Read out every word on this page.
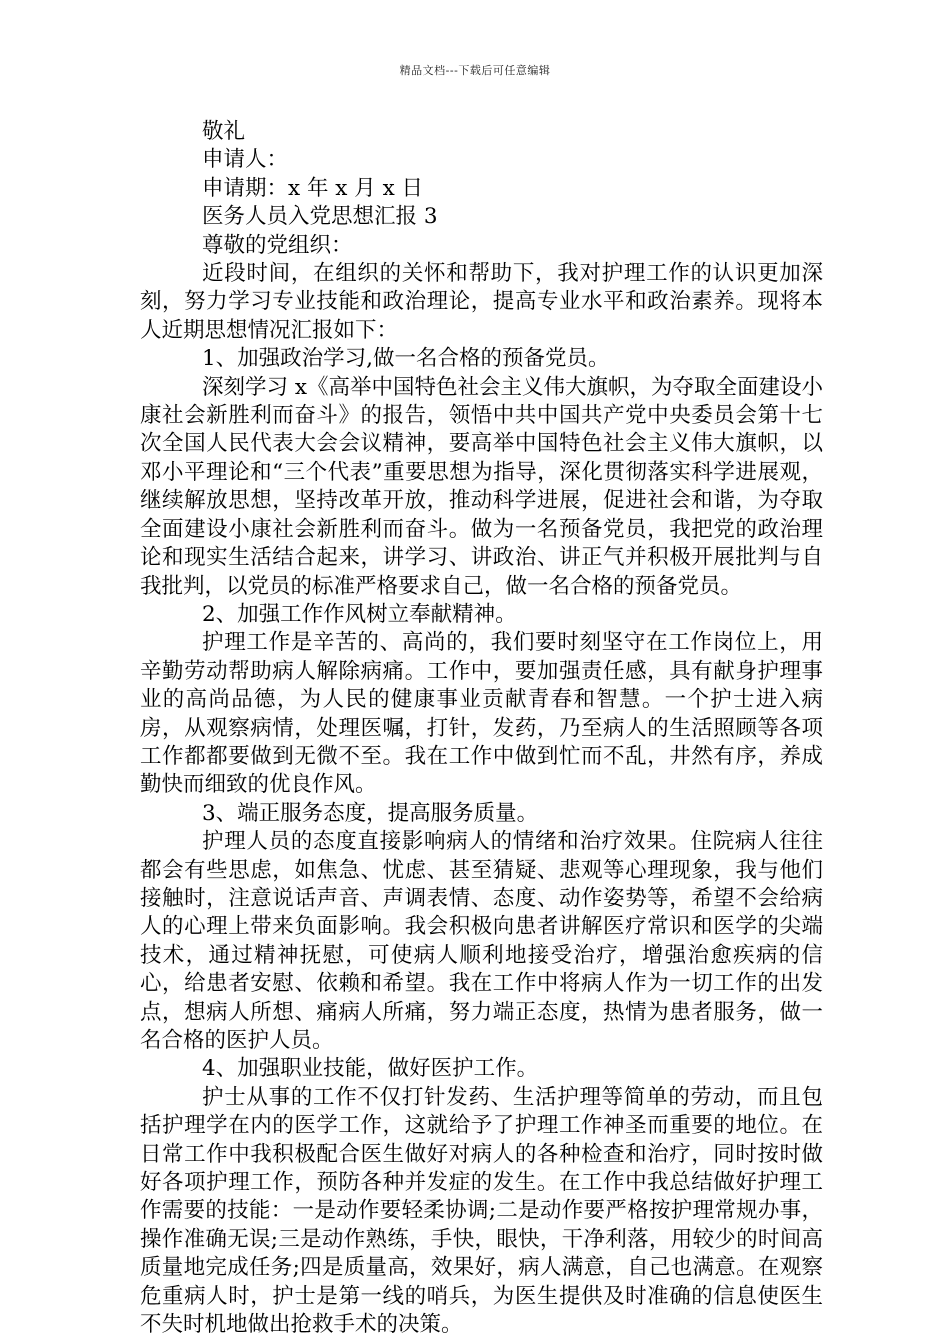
精品文档---下载后可任意编辑

敬礼

申请人：

申请期：x 年 x 月 x 日

医务人员入党思想汇报 3

尊敬的党组织：

近段时间，在组织的关怀和帮助下，我对护理工作的认识更加深刻，努力学习专业技能和政治理论，提高专业水平和政治素养。现将本人近期思想情况汇报如下：

1、加强政治学习,做一名合格的预备党员。

深刻学习 x《高举中国特色社会主义伟大旗帜，为夺取全面建设小康社会新胜利而奋斗》的报告，领悟中共中国共产党中央委员会第十七次全国人民代表大会会议精神，要高举中国特色社会主义伟大旗帜，以邓小平理论和“三个代表”重要思想为指导，深化贯彻落实科学进展观，继续解放思想，坚持改革开放，推动科学进展，促进社会和谐，为夺取全面建设小康社会新胜利而奋斗。做为一名预备党员，我把党的政治理论和现实生活结合起来，讲学习、讲政治、讲正气并积极开展批判与自我批判，以党员的标准严格要求自己，做一名合格的预备党员。

2、加强工作作风树立奉献精神。

护理工作是辛苦的、高尚的，我们要时刻坚守在工作岗位上，用辛勤劳动帮助病人解除病痛。工作中，要加强责任感，具有献身护理事业的高尚品德，为人民的健康事业贡献青春和智慧。一个护士进入病房，从观察病情，处理医嘱，打针，发药，乃至病人的生活照顾等各项工作都都要做到无微不至。我在工作中做到忙而不乱，井然有序，养成勤快而细致的优良作风。

3、端正服务态度，提高服务质量。

护理人员的态度直接影响病人的情绪和治疗效果。住院病人往往都会有些思虑，如焦急、忧虑、甚至猜疑、悲观等心理现象，我与他们接触时，注意说话声音、声调表情、态度、动作姿势等，希望不会给病人的心理上带来负面影响。我会积极向患者讲解医疗常识和医学的尖端技术，通过精神抚慰，可使病人顺利地接受治疗，增强治愈疾病的信心，给患者安慰、依赖和希望。我在工作中将病人作为一切工作的出发点，想病人所想、痛病人所痛，努力端正态度，热情为患者服务，做一名合格的医护人员。

4、加强职业技能，做好医护工作。

护士从事的工作不仅打针发药、生活护理等简单的劳动，而且包括护理学在内的医学工作，这就给予了护理工作神圣而重要的地位。在日常工作中我积极配合医生做好对病人的各种检查和治疗，同时按时做好各项护理工作，预防各种并发症的发生。在工作中我总结做好护理工作需要的技能：一是动作要轻柔协调;二是动作要严格按护理常规办事，操作准确无误;三是动作熟练，手快，眼快，干净利落，用较少的时间高质量地完成任务;四是质量高，效果好，病人满意，自己也满意。在观察危重病人时，护士是第一线的哨兵，为医生提供及时准确的信息使医生不失时机地做出抢救手术的决策。
